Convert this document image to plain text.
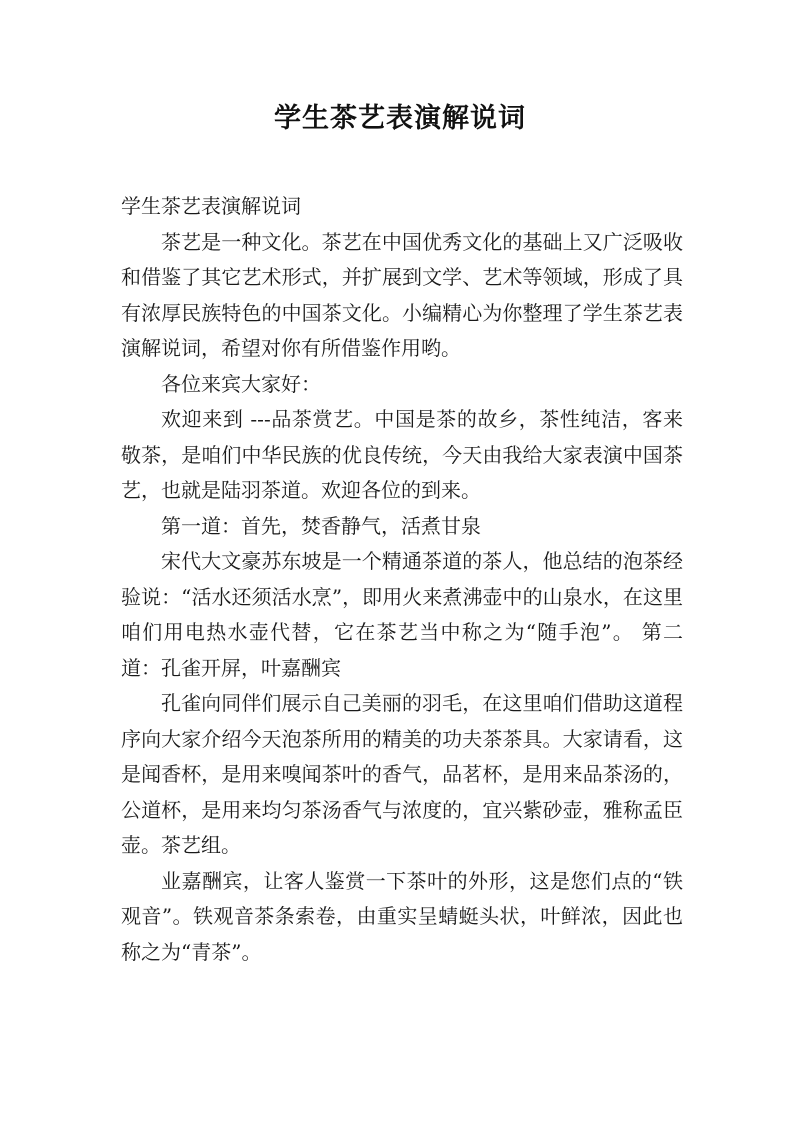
学生茶艺表演解说词

学生茶艺表演解说词

茶艺是一种文化。茶艺在中国优秀文化的基础上又广泛吸收和借鉴了其它艺术形式，并扩展到文学、艺术等领域，形成了具有浓厚民族特色的中国茶文化。小编精心为你整理了学生茶艺表演解说词，希望对你有所借鉴作用哟。

各位来宾大家好：

欢迎来到 ---品茶赏艺。中国是茶的故乡，茶性纯洁，客来敬茶，是咱们中华民族的优良传统，今天由我给大家表演中国茶艺，也就是陆羽茶道。欢迎各位的到来。

第一道：首先，焚香静气，活煮甘泉

宋代大文豪苏东坡是一个精通茶道的茶人，他总结的泡茶经验说：“活水还须活水烹”，即用火来煮沸壶中的山泉水，在这里咱们用电热水壶代替，它在茶艺当中称之为“随手泡”。 第二道：孔雀开屏，叶嘉酬宾

孔雀向同伴们展示自己美丽的羽毛，在这里咱们借助这道程序向大家介绍今天泡茶所用的精美的功夫茶茶具。大家请看，这是闻香杯，是用来嗅闻茶叶的香气，品茗杯，是用来品茶汤的，公道杯，是用来均匀茶汤香气与浓度的，宜兴紫砂壶，雅称孟臣壶。茶艺组。

业嘉酬宾，让客人鉴赏一下茶叶的外形，这是您们点的“铁观音”。铁观音茶条索卷，由重实呈蜻蜓头状，叶鲜浓，因此也称之为“青茶”。
